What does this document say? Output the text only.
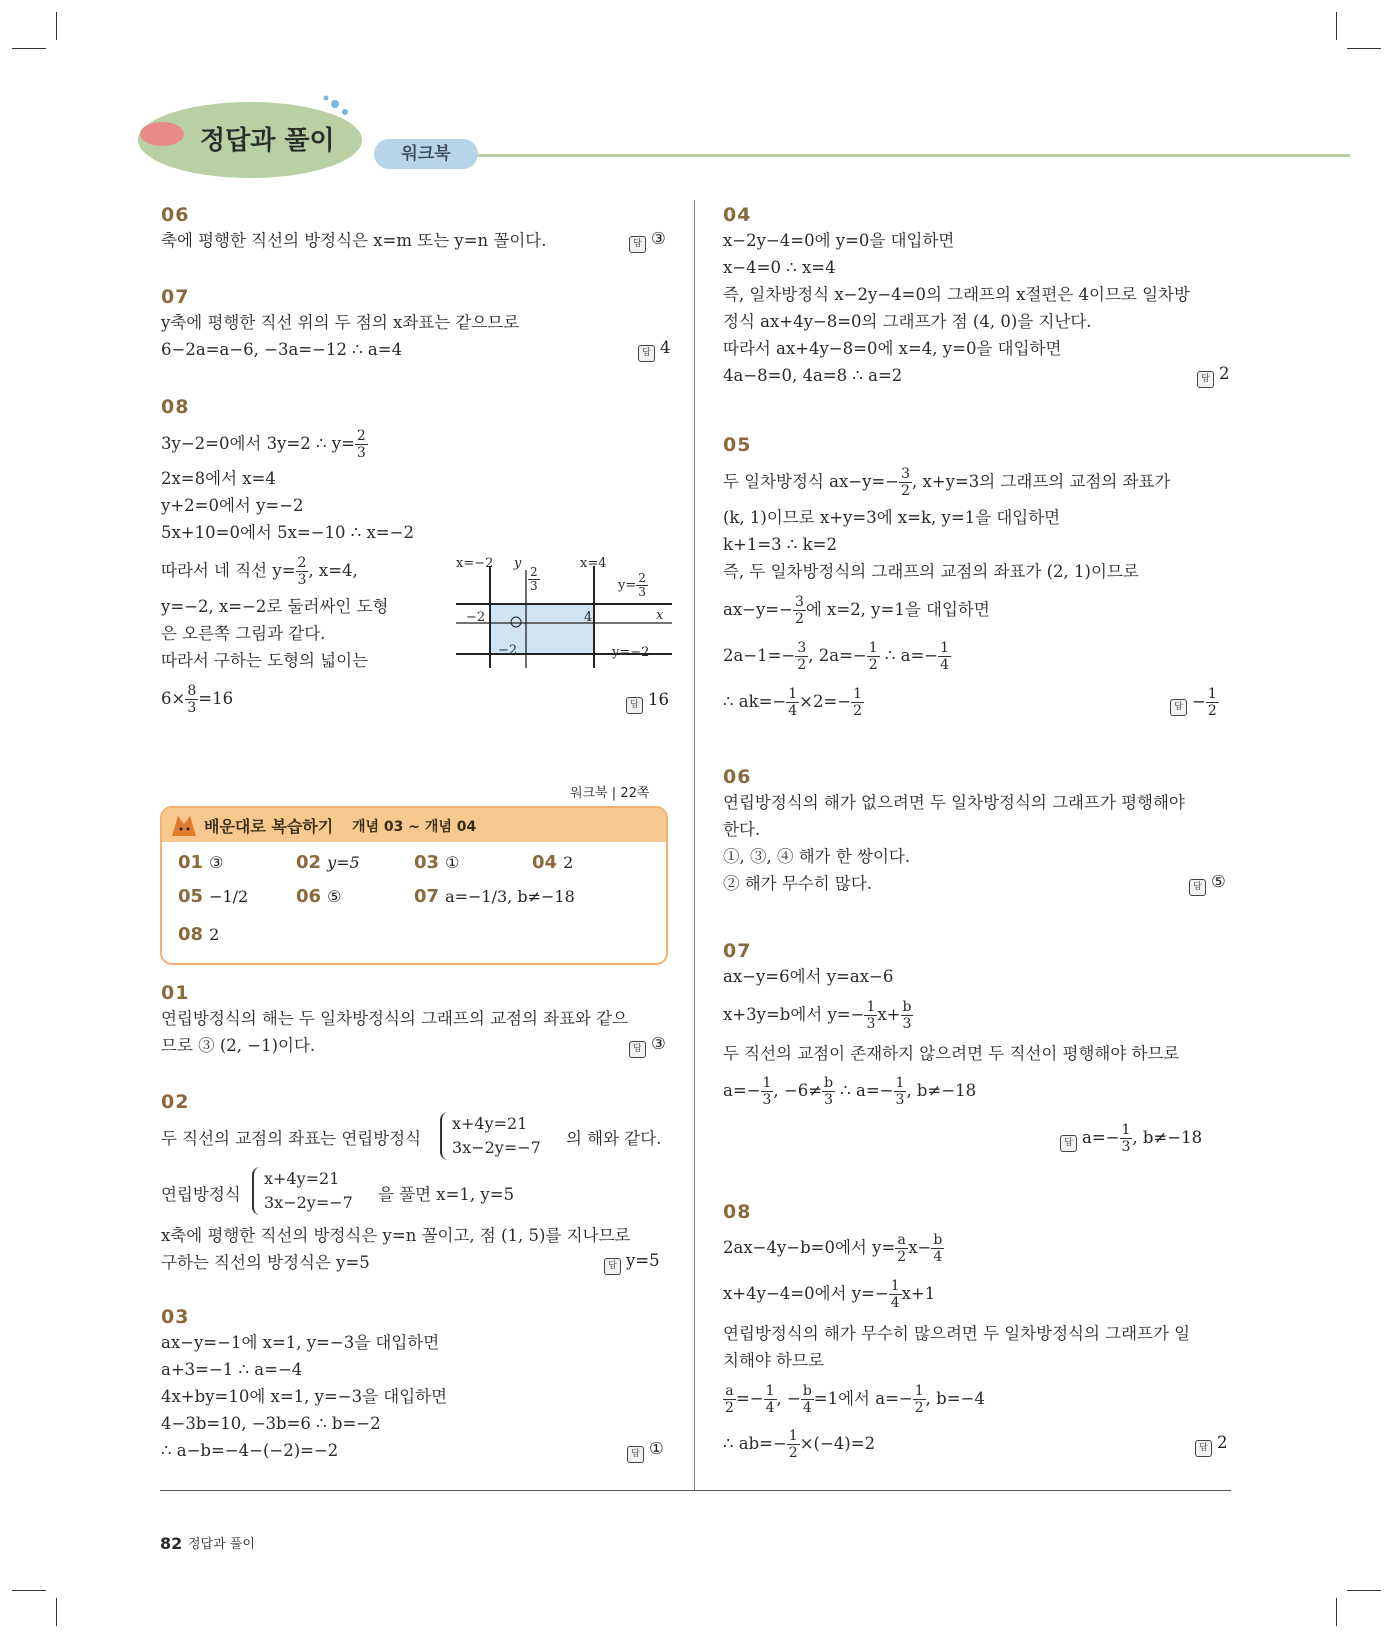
정답과 풀이	워크북
06
축에 평행한 직선의 방정식은 x=m 또는 y=n 꼴이다.	답 ③
07
y축에 평행한 직선 위의 두 점의 x좌표는 같으므로
6−2a=a−6, −3a=−12 ∴ a=4	답 4
08
3y−2=0에서 3y=2 ∴ $y= \frac{2}{3}$
2x=8에서 x=4
y+2=0에서 y=−2
5x+10=0에서 5x=−10 ∴ x=−2
따라서 네 직선 $y= \frac{2}{3}$ , x=4,
y=−2, x=−2로 둘러싸인 도형
은 오른쪽 그림과 같다.
따라서 구하는 도형의 넓이는
$6\times \frac{8}{3} =16$	답 16
x=−2 y
$\frac{2}{3}$
x=4
$y= \frac{2}{3}$
−2	4	x
−2	y=−2
워크북 | 22쪽
배운대로 복습하기 개념 03 ~ 개념 04
01 ③	02 y=5	03 ①	04 2
05 −1/2	06 ⑤	07 a=−1/3, b≠−18
08 2
01
연립방정식의 해는 두 일차방정식의 그래프의 교점의 좌표와 같으
므로 ③ (2, −1)이다.	답 ③
02
두 직선의 교점의 좌표는 연립방정식
x+4y=21
3x−2y=−7 의 해와 같다.
연립방정식
x+4y=21
3x−2y=−7 을 풀면 x=1, y=5
x축에 평행한 직선의 방정식은 y=n 꼴이고, 점 (1, 5)를 지나므로
구하는 직선의 방정식은 y=5	답 y=5
03
ax−y=−1에 x=1, y=−3을 대입하면
a+3=−1 ∴ a=−4
4x+by=10에 x=1, y=−3을 대입하면
4−3b=10, −3b=6 ∴ b=−2
∴ a−b=−4−(−2)=−2	답 ①
04
x−2y−4=0에 y=0을 대입하면
x−4=0 ∴ x=4
즉, 일차방정식 x−2y−4=0의 그래프의 x절편은 4이므로 일차방
정식 ax+4y−8=0의 그래프가 점 (4, 0)을 지난다.
따라서 ax+4y−8=0에 x=4, y=0을 대입하면
4a−8=0, 4a=8 ∴ a=2	답 2
05
두 일차방정식 $ax-y=- \frac{3}{2}$ , x+y=3의 그래프의 교점의 좌표가
(k, 1)이므로 x+y=3에 x=k, y=1을 대입하면
k+1=3 ∴ k=2
즉, 두 일차방정식의 그래프의 교점의 좌표가 (2, 1)이므로
$ax-y=- \frac{3}{2}$ 에 x=2, y=1을 대입하면
$2a-1=- \frac{3}{2}$ , $2a=- \frac{1}{2}$ ∴ $a=- \frac{1}{4}$
∴ $ak=- \frac{1}{4} \times 2=- \frac{1}{2}$	답 − $\frac{1}{2}$
06
연립방정식의 해가 없으려면 두 일차방정식의 그래프가 평행해야
한다.
①, ③, ④ 해가 한 쌍이다.
② 해가 무수히 많다.	답 ⑤
07
ax−y=6에서 y=ax−6
x+3y=b에서 $y=- \frac{1}{3} x+ \frac{b}{3}$
두 직선의 교점이 존재하지 않으려면 두 직선이 평행해야 하므로
$a=- \frac{1}{3}$ , $-6\ne \frac{b}{3}$ ∴ $a=- \frac{1}{3}$ , b≠−18
답 $a=- \frac{1}{3}$ , b≠−18
08
2ax−4y−b=0에서 $y= \frac{a}{2} x- \frac{b}{4}$
x+4y−4=0에서 $y=- \frac{1}{4} x+1$
연립방정식의 해가 무수히 많으려면 두 일차방정식의 그래프가 일
치해야 하므로
$\frac{a}{2} =- \frac{1}{4}$ , − $\frac{b}{4} =1$에서 $a=- \frac{1}{2}$ , b=−4
∴ $ab=- \frac{1}{2} \times(-4)=2$	답 2
82 정답과 풀이
